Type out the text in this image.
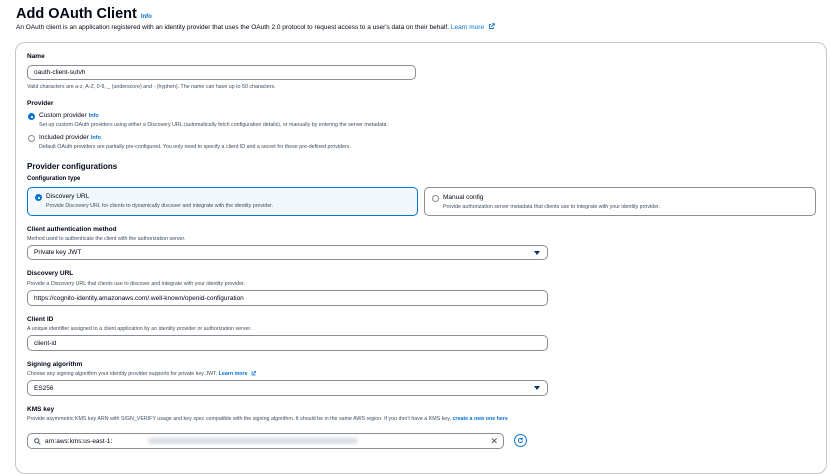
Add OAuth Client Info
An OAuth client is an application registered with an identity provider that uses the OAuth 2.0 protocol to request access to a user's data on their behalf. Learn more
Name
oauth-client-sutvh
Valid characters are a-z, A-Z, 0-9, _ (underscore) and - (hyphen). The name can have up to 50 characters.
Provider
Custom provider Info
Set up custom OAuth providers using either a Discovery URL (automatically fetch configuration details), or manually by entering the server metadata.
Included provider Info
Default OAuth providers are partially pre-configured. You only need to specify a client ID and a secret for these pre-defined providers.
Provider configurations
Configuration type
Discovery URL
Provide Discovery URL for clients to dynamically discover and integrate with the identity provider.
Manual config
Provide authorization server metadata that clients use to integrate with your identity provider.
Client authentication method
Method used to authenticate the client with the authorization server.
Private key JWT
Discovery URL
Provide a Discovery URL that clients use to discover and integrate with your identity provider.
https://cognito-identity.amazonaws.com/.well-known/openid-configuration
Client ID
A unique identifier assigned to a client application by an identity provider or authorization server.
client-id
Signing algorithm
Choose any signing algorithm your identity provider supports for private key JWT. Learn more
ES256
KMS key
Provide asymmetric KMS key ARN with SIGN_VERIFY usage and key spec compatible with the signing algorithm. It should be in the same AWS region. If you don't have a KMS key, create a new one here
arn:aws:kms:us-east-1:	✕
